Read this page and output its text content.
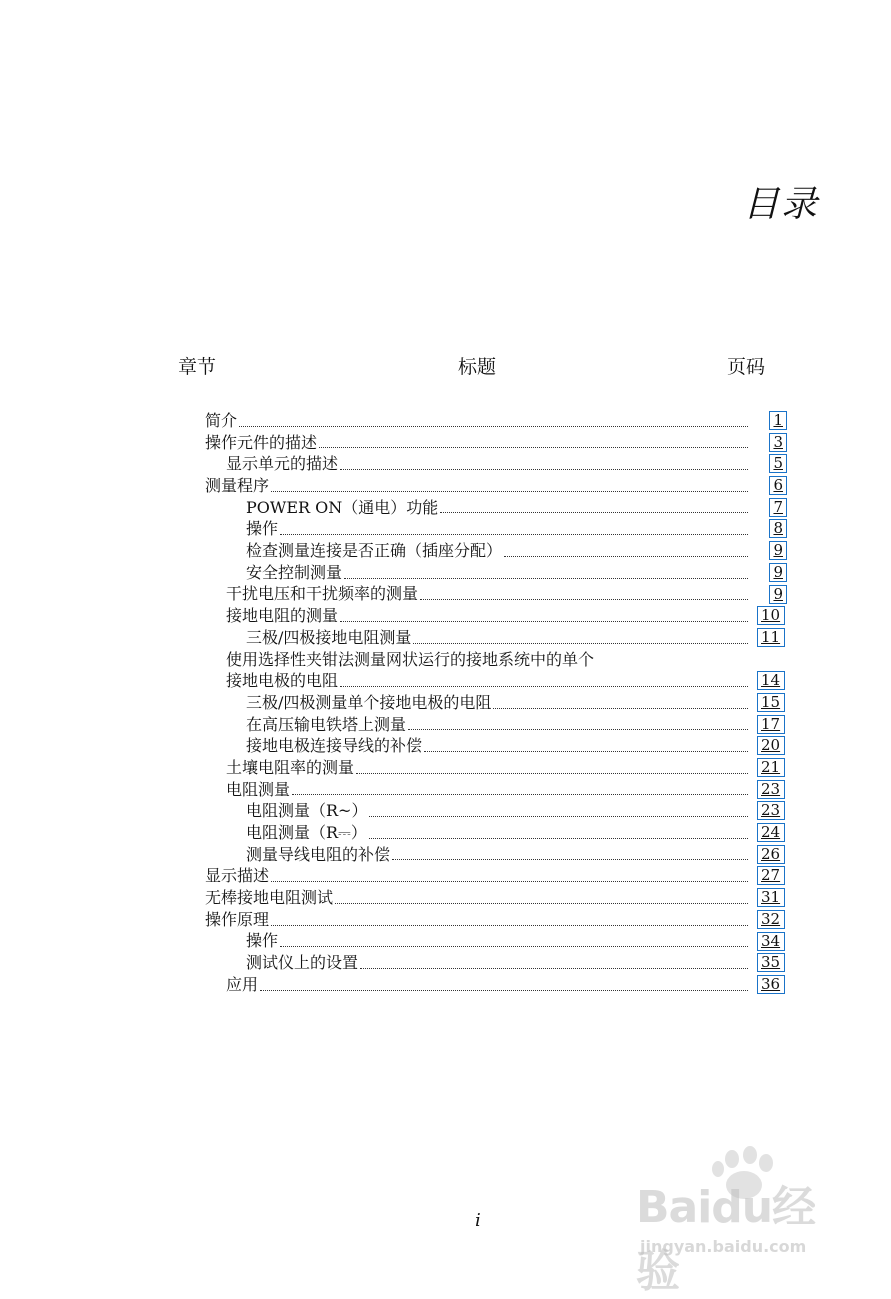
目录
章节	标题	页码
简介	1
操作元件的描述	3
显示单元的描述	5
测量程序	6
POWER ON（通电）功能	7
操作	8
检查测量连接是否正确（插座分配）	9
安全控制测量	9
干扰电压和干扰频率的测量	9
接地电阻的测量	10
三极/四极接地电阻测量	11
使用选择性夹钳法测量网状运行的接地系统中的单个
接地电极的电阻	14
三极/四极测量单个接地电极的电阻	15
在高压输电铁塔上测量	17
接地电极连接导线的补偿	20
土壤电阻率的测量	21
电阻测量	23
电阻测量（R~）	23
电阻测量（R⎓）	24
测量导线电阻的补偿	26
显示描述	27
无棒接地电阻测试	31
操作原理	32
操作	34
测试仪上的设置	35
应用	36
i	Baidu经验
jingyan.baidu.com
